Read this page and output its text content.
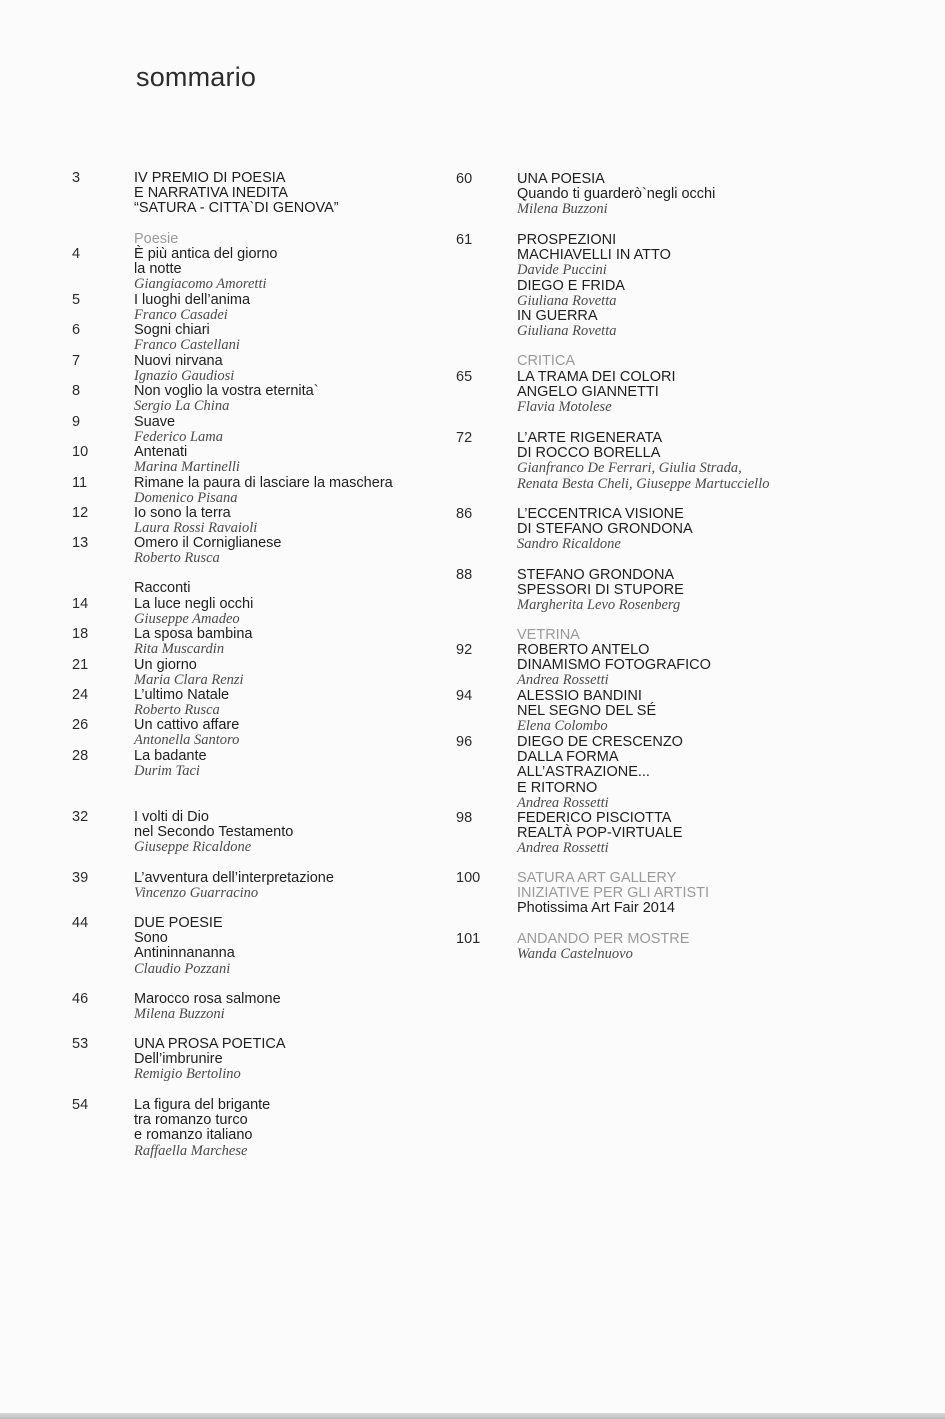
sommario
3	IV PREMIO DI POESIA
E NARRATIVA INEDITA
“SATURA - CITTA`DI GENOVA”
Poesie
4	È più antica del giorno
la notte
Giangiacomo Amoretti
5	I luoghi dell’anima
Franco Casadei
6	Sogni chiari
Franco Castellani
7	Nuovi nirvana
Ignazio Gaudiosi
8	Non voglio la vostra eternita`
Sergio La China
9	Suave
Federico Lama
10	Antenati
Marina Martinelli
11	Rimane la paura di lasciare la maschera
Domenico Pisana
12	Io sono la terra
Laura Rossi Ravaioli
13	Omero il Corniglianese
Roberto Rusca
Racconti
14	La luce negli occhi
Giuseppe Amadeo
18	La sposa bambina
Rita Muscardin
21	Un giorno
Maria Clara Renzi
24	L’ultimo Natale
Roberto Rusca
26	Un cattivo affare
Antonella Santoro
28	La badante
Durim Taci
32	I volti di Dio
nel Secondo Testamento
Giuseppe Ricaldone
39	L’avventura dell’interpretazione
Vincenzo Guarracino
44	DUE POESIE
Sono
Antininnananna
Claudio Pozzani
46	Marocco rosa salmone
Milena Buzzoni
53	UNA PROSA POETICA
Dell’imbrunire
Remigio Bertolino
54	La figura del brigante
tra romanzo turco
e romanzo italiano
Raffaella Marchese
60	UNA POESIA
Quando ti guarderò`negli occhi
Milena Buzzoni
61	PROSPEZIONI
MACHIAVELLI IN ATTO
Davide Puccini
DIEGO E FRIDA
Giuliana Rovetta
IN GUERRA
Giuliana Rovetta
CRITICA
65	LA TRAMA DEI COLORI
ANGELO GIANNETTI
Flavia Motolese
72	L’ARTE RIGENERATA
DI ROCCO BORELLA
Gianfranco De Ferrari, Giulia Strada,
Renata Besta Cheli, Giuseppe Martucciello
86	L’ECCENTRICA VISIONE
DI STEFANO GRONDONA
Sandro Ricaldone
88	STEFANO GRONDONA
SPESSORI DI STUPORE
Margherita Levo Rosenberg
VETRINA
92	ROBERTO ANTELO
DINAMISMO FOTOGRAFICO
Andrea Rossetti
94	ALESSIO BANDINI
NEL SEGNO DEL SÉ
Elena Colombo
96	DIEGO DE CRESCENZO
DALLA FORMA
ALL’ASTRAZIONE...
E RITORNO
Andrea Rossetti
98	FEDERICO PISCIOTTA
REALTÀ POP-VIRTUALE
Andrea Rossetti
100	SATURA ART GALLERY
INIZIATIVE PER GLI ARTISTI
Photissima Art Fair 2014
101	ANDANDO PER MOSTRE
Wanda Castelnuovo
